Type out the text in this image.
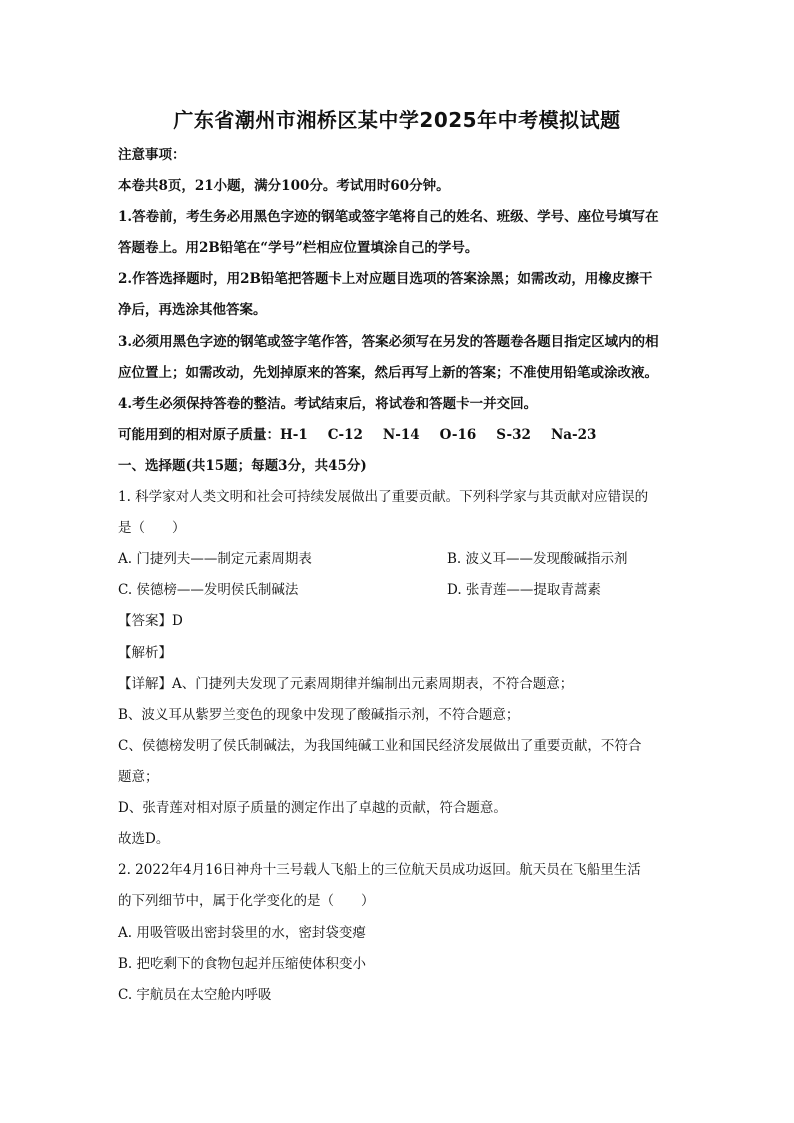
广东省潮州市湘桥区某中学2025年中考模拟试题
注意事项：
本卷共8页，21小题，满分100分。考试用时60分钟。
1.答卷前，考生务必用黑色字迹的钢笔或签字笔将自己的姓名、班级、学号、座位号填写在
答题卷上。用2B铅笔在“学号”栏相应位置填涂自己的学号。
2.作答选择题时，用2B铅笔把答题卡上对应题目选项的答案涂黑；如需改动，用橡皮擦干
净后，再选涂其他答案。
3.必须用黑色字迹的钢笔或签字笔作答，答案必须写在另发的答题卷各题目指定区域内的相
应位置上；如需改动，先划掉原来的答案，然后再写上新的答案；不准使用铅笔或涂改液。
4.考生必须保持答卷的整洁。考试结束后，将试卷和答题卡一并交回。
可能用到的相对原子质量：H-1 C-12 N-14 O-16 S-32 Na-23
一、选择题(共15题；每题3分，共45分)
1. 科学家对人类文明和社会可持续发展做出了重要贡献。下列科学家与其贡献对应错误的
是（　　）
A. 门捷列夫——制定元素周期表	B. 波义耳——发现酸碱指示剂
C. 侯德榜——发明侯氏制碱法	D. 张青莲——提取青蒿素
【答案】D
【解析】
【详解】A、门捷列夫发现了元素周期律并编制出元素周期表，不符合题意；
B、波义耳从紫罗兰变色的现象中发现了酸碱指示剂，不符合题意；
C、侯德榜发明了侯氏制碱法，为我国纯碱工业和国民经济发展做出了重要贡献，不符合
题意；
D、张青莲对相对原子质量的测定作出了卓越的贡献，符合题意。
故选D。
2. 2022年4月16日神舟十三号载人飞船上的三位航天员成功返回。航天员在飞船里生活
的下列细节中，属于化学变化的是（　　）
A. 用吸管吸出密封袋里的水，密封袋变瘪
B. 把吃剩下的食物包起并压缩使体积变小
C. 宇航员在太空舱内呼吸
